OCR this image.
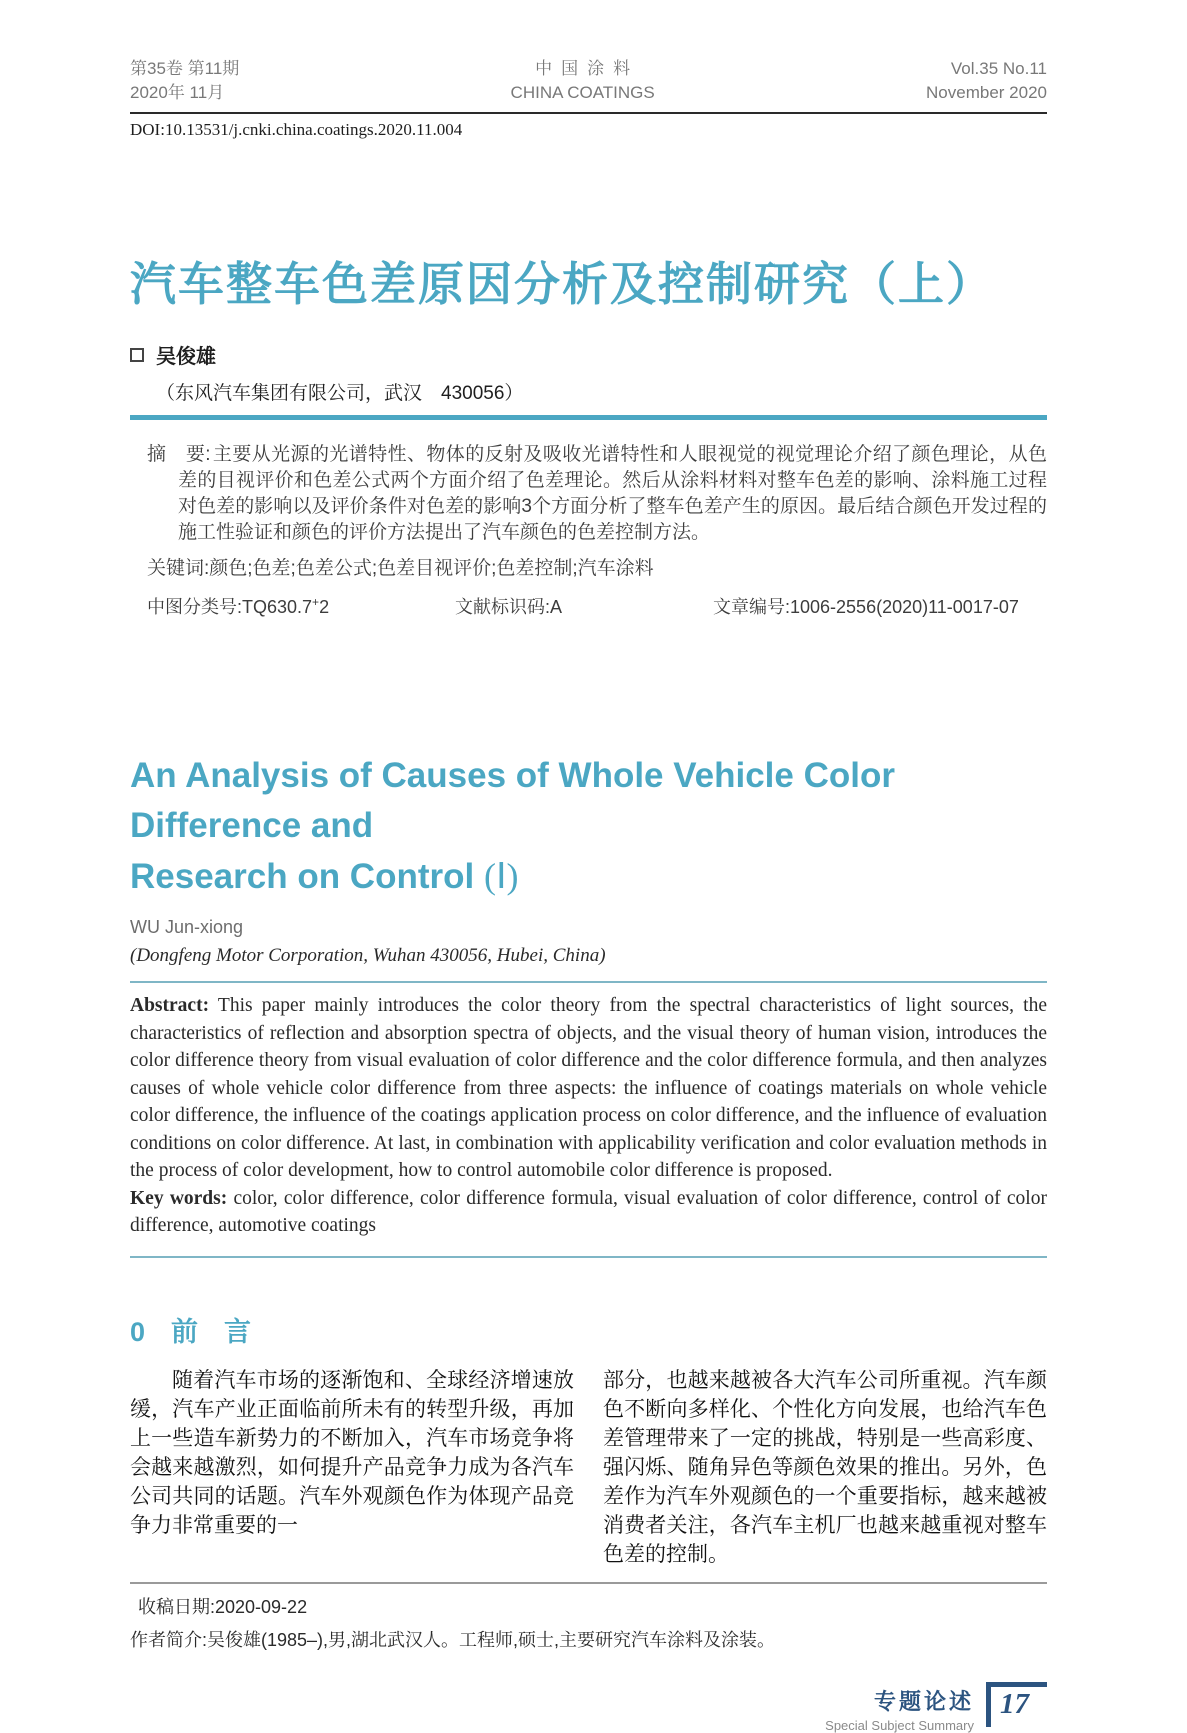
第35卷 第11期
2020年 11月
中国涂料
CHINA COATINGS
Vol.35 No.11
November 2020
DOI:10.13531/j.cnki.china.coatings.2020.11.004
汽车整车色差原因分析及控制研究（上）
吴俊雄
（东风汽车集团有限公司，武汉　430056）

摘　要: 主要从光源的光谱特性、物体的反射及吸收光谱特性和人眼视觉的视觉理论介绍了颜色理论，从色差的目视评价和色差公式两个方面介绍了色差理论。然后从涂料材料对整车色差的影响、涂料施工过程对色差的影响以及评价条件对色差的影响3个方面分析了整车色差产生的原因。最后结合颜色开发过程的施工性验证和颜色的评价方法提出了汽车颜色的色差控制方法。

关键词:颜色;色差;色差公式;色差目视评价;色差控制;汽车涂料

中图分类号:TQ630.7+2	文献标识码:A	文章编号:1006-2556(2020)11-0017-07
An Analysis of Causes of Whole Vehicle Color Difference and
Research on Control (Ⅰ)
WU Jun-xiong
(Dongfeng Motor Corporation, Wuhan 430056, Hubei, China)

Abstract: This paper mainly introduces the color theory from the spectral characteristics of light sources, the characteristics of reflection and absorption spectra of objects, and the visual theory of human vision, introduces the color difference theory from visual evaluation of color difference and the color difference formula, and then analyzes causes of whole vehicle color difference from three aspects: the influence of coatings materials on whole vehicle color difference, the influence of the coatings application process on color difference, and the influence of evaluation conditions on color difference. At last, in combination with applicability verification and color evaluation methods in the process of color development, how to control automobile color difference is proposed.

Key words: color, color difference, color difference formula, visual evaluation of color difference, control of color difference, automotive coatings

0 前言

随着汽车市场的逐渐饱和、全球经济增速放缓，汽车产业正面临前所未有的转型升级，再加上一些造车新势力的不断加入，汽车市场竞争将会越来越激烈，如何提升产品竞争力成为各汽车公司共同的话题。汽车外观颜色作为体现产品竞争力非常重要的一

部分，也越来越被各大汽车公司所重视。汽车颜色不断向多样化、个性化方向发展，也给汽车色差管理带来了一定的挑战，特别是一些高彩度、强闪烁、随角异色等颜色效果的推出。另外，色差作为汽车外观颜色的一个重要指标，越来越被消费者关注，各汽车主机厂也越来越重视对整车色差的控制。

收稿日期:2020-09-22
作者简介:吴俊雄(1985–),男,湖北武汉人。工程师,硕士,主要研究汽车涂料及涂装。
专题论述
Special Subject Summary
17
